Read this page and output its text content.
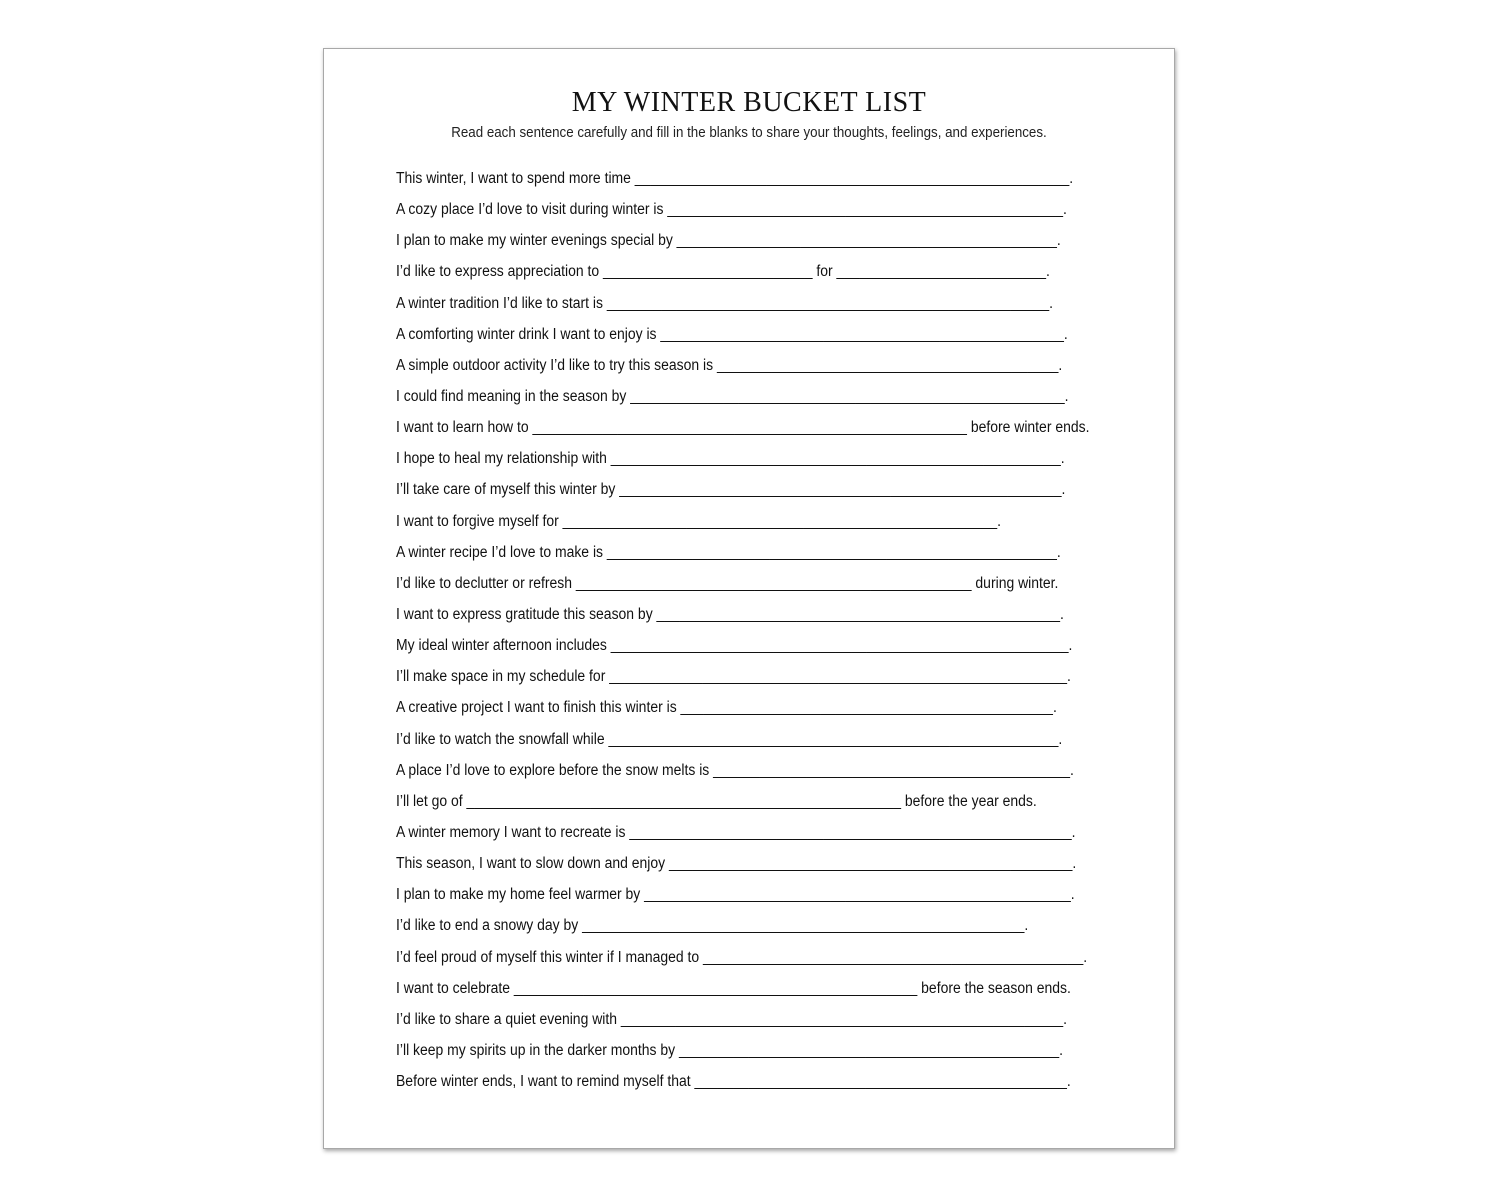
MY WINTER BUCKET LIST

Read each sentence carefully and fill in the blanks to share your thoughts, feelings, and experiences.

This winter, I want to spend more time ________________________________________________________.
A cozy place I’d love to visit during winter is ___________________________________________________.
I plan to make my winter evenings special by _________________________________________________.
I’d like to express appreciation to ___________________________ for ___________________________.
A winter tradition I’d like to start is _________________________________________________________.
A comforting winter drink I want to enjoy is ____________________________________________________.
A simple outdoor activity I’d like to try this season is ____________________________________________.
I could find meaning in the season by ________________________________________________________.
I want to learn how to ________________________________________________________ before winter ends.
I hope to heal my relationship with __________________________________________________________.
I’ll take care of myself this winter by _________________________________________________________.
I want to forgive myself for ________________________________________________________.
A winter recipe I’d love to make is __________________________________________________________.
I’d like to declutter or refresh ___________________________________________________ during winter.
I want to express gratitude this season by ____________________________________________________.
My ideal winter afternoon includes ___________________________________________________________.
I’ll make space in my schedule for ___________________________________________________________.
A creative project I want to finish this winter is ________________________________________________.
I’d like to watch the snowfall while __________________________________________________________.
A place I’d love to explore before the snow melts is ______________________________________________.
I’ll let go of ________________________________________________________ before the year ends.
A winter memory I want to recreate is _________________________________________________________.
This season, I want to slow down and enjoy ____________________________________________________.
I plan to make my home feel warmer by _______________________________________________________.
I’d like to end a snowy day by _________________________________________________________.
I’d feel proud of myself this winter if I managed to _________________________________________________.
I want to celebrate ____________________________________________________ before the season ends.
I’d like to share a quiet evening with _________________________________________________________.
I’ll keep my spirits up in the darker months by _________________________________________________.
Before winter ends, I want to remind myself that ________________________________________________.
